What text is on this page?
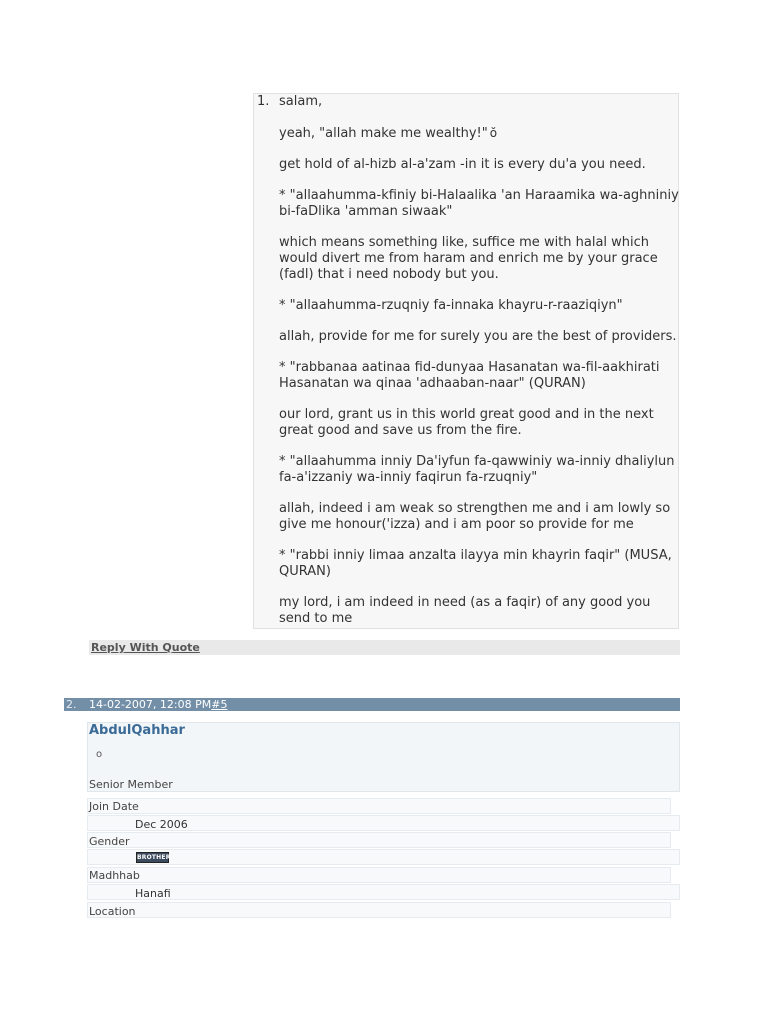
1. salam,

yeah, "allah make me wealthy!" ŏ

get hold of al-hizb al-a'zam -in it is every du'a you need.

* "allaahumma-kfiniy bi-Halaalika 'an Haraamika wa-aghniniy bi-faDlika 'amman siwaak"

which means something like, suffice me with halal which would divert me from haram and enrich me by your grace (fadl) that i need nobody but you.

* "allaahumma-rzuqniy fa-innaka khayru-r-raaziqiyn"

allah, provide for me for surely you are the best of providers.

* "rabbanaa aatinaa fid-dunyaa Hasanatan wa-fil-aakhirati Hasanatan wa qinaa 'adhaaban-naar" (QURAN)

our lord, grant us in this world great good and in the next great good and save us from the fire.

* "allaahumma inniy Da'iyfun fa-qawwiniy wa-inniy dhaliylun fa-a'izzaniy wa-inniy faqirun fa-rzuqniy"

allah, indeed i am weak so strengthen me and i am lowly so give me honour('izza) and i am poor so provide for me

* "rabbi inniy limaa anzalta ilayya min khayrin faqir" (MUSA, QURAN)

my lord, i am indeed in need (as a faqir) of any good you send to me

Reply With Quote
2. 14-02-2007, 12:08 PM#5
AbdulQahhar
o
Senior Member
Join Date
Dec 2006
Gender
BROTHER
Madhhab
Hanafi
Location
